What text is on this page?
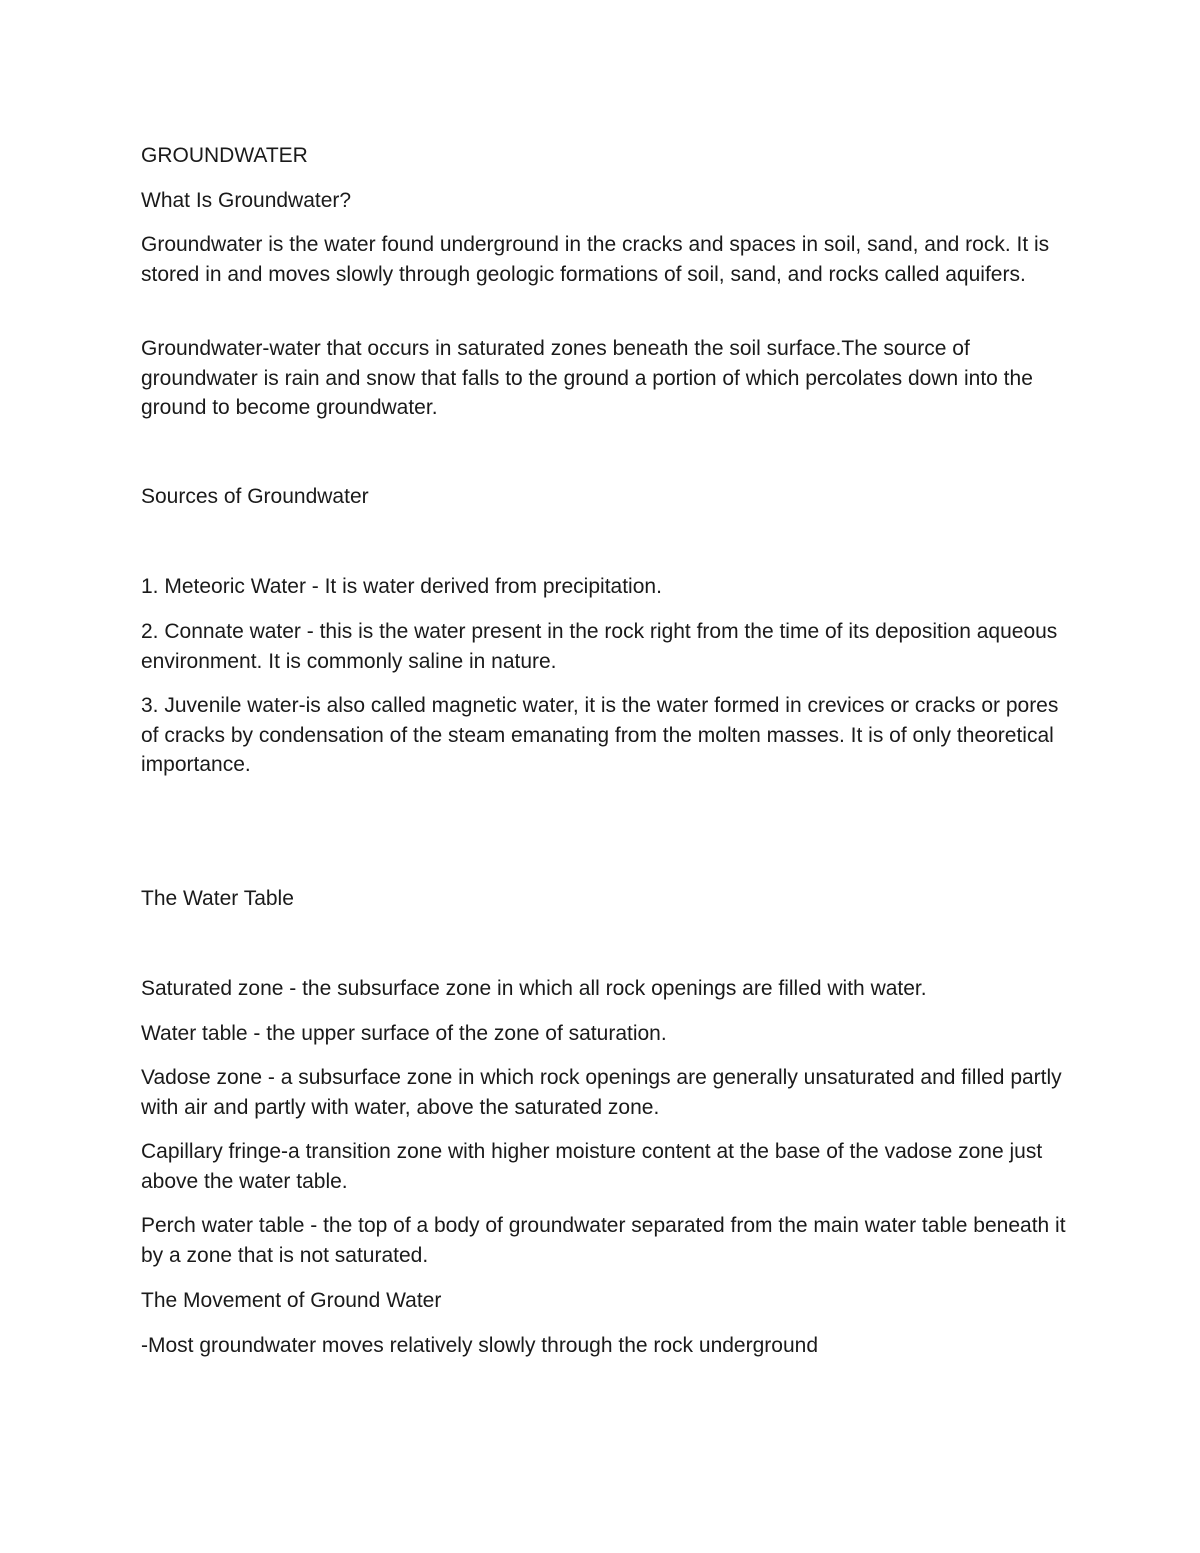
GROUNDWATER

What Is Groundwater?

Groundwater is the water found underground in the cracks and spaces in soil, sand, and rock. It is stored in and moves slowly through geologic formations of soil, sand, and rocks called aquifers.

Groundwater-water that occurs in saturated zones beneath the soil surface.The source of groundwater is rain and snow that falls to the ground a portion of which percolates down into the ground to become groundwater.

Sources of Groundwater

1. Meteoric Water - It is water derived from precipitation.

2. Connate water - this is the water present in the rock right from the time of its deposition aqueous environment. It is commonly saline in nature.

3. Juvenile water-is also called magnetic water, it is the water formed in crevices or cracks or pores of cracks by condensation of the steam emanating from the molten masses. It is of only theoretical importance.

The Water Table

Saturated zone - the subsurface zone in which all rock openings are filled with water.

Water table - the upper surface of the zone of saturation.

Vadose zone - a subsurface zone in which rock openings are generally unsaturated and filled partly with air and partly with water, above the saturated zone.

Capillary fringe-a transition zone with higher moisture content at the base of the vadose zone just above the water table.

Perch water table - the top of a body of groundwater separated from the main water table beneath it by a zone that is not saturated.

The Movement of Ground Water

-Most groundwater moves relatively slowly through the rock underground
